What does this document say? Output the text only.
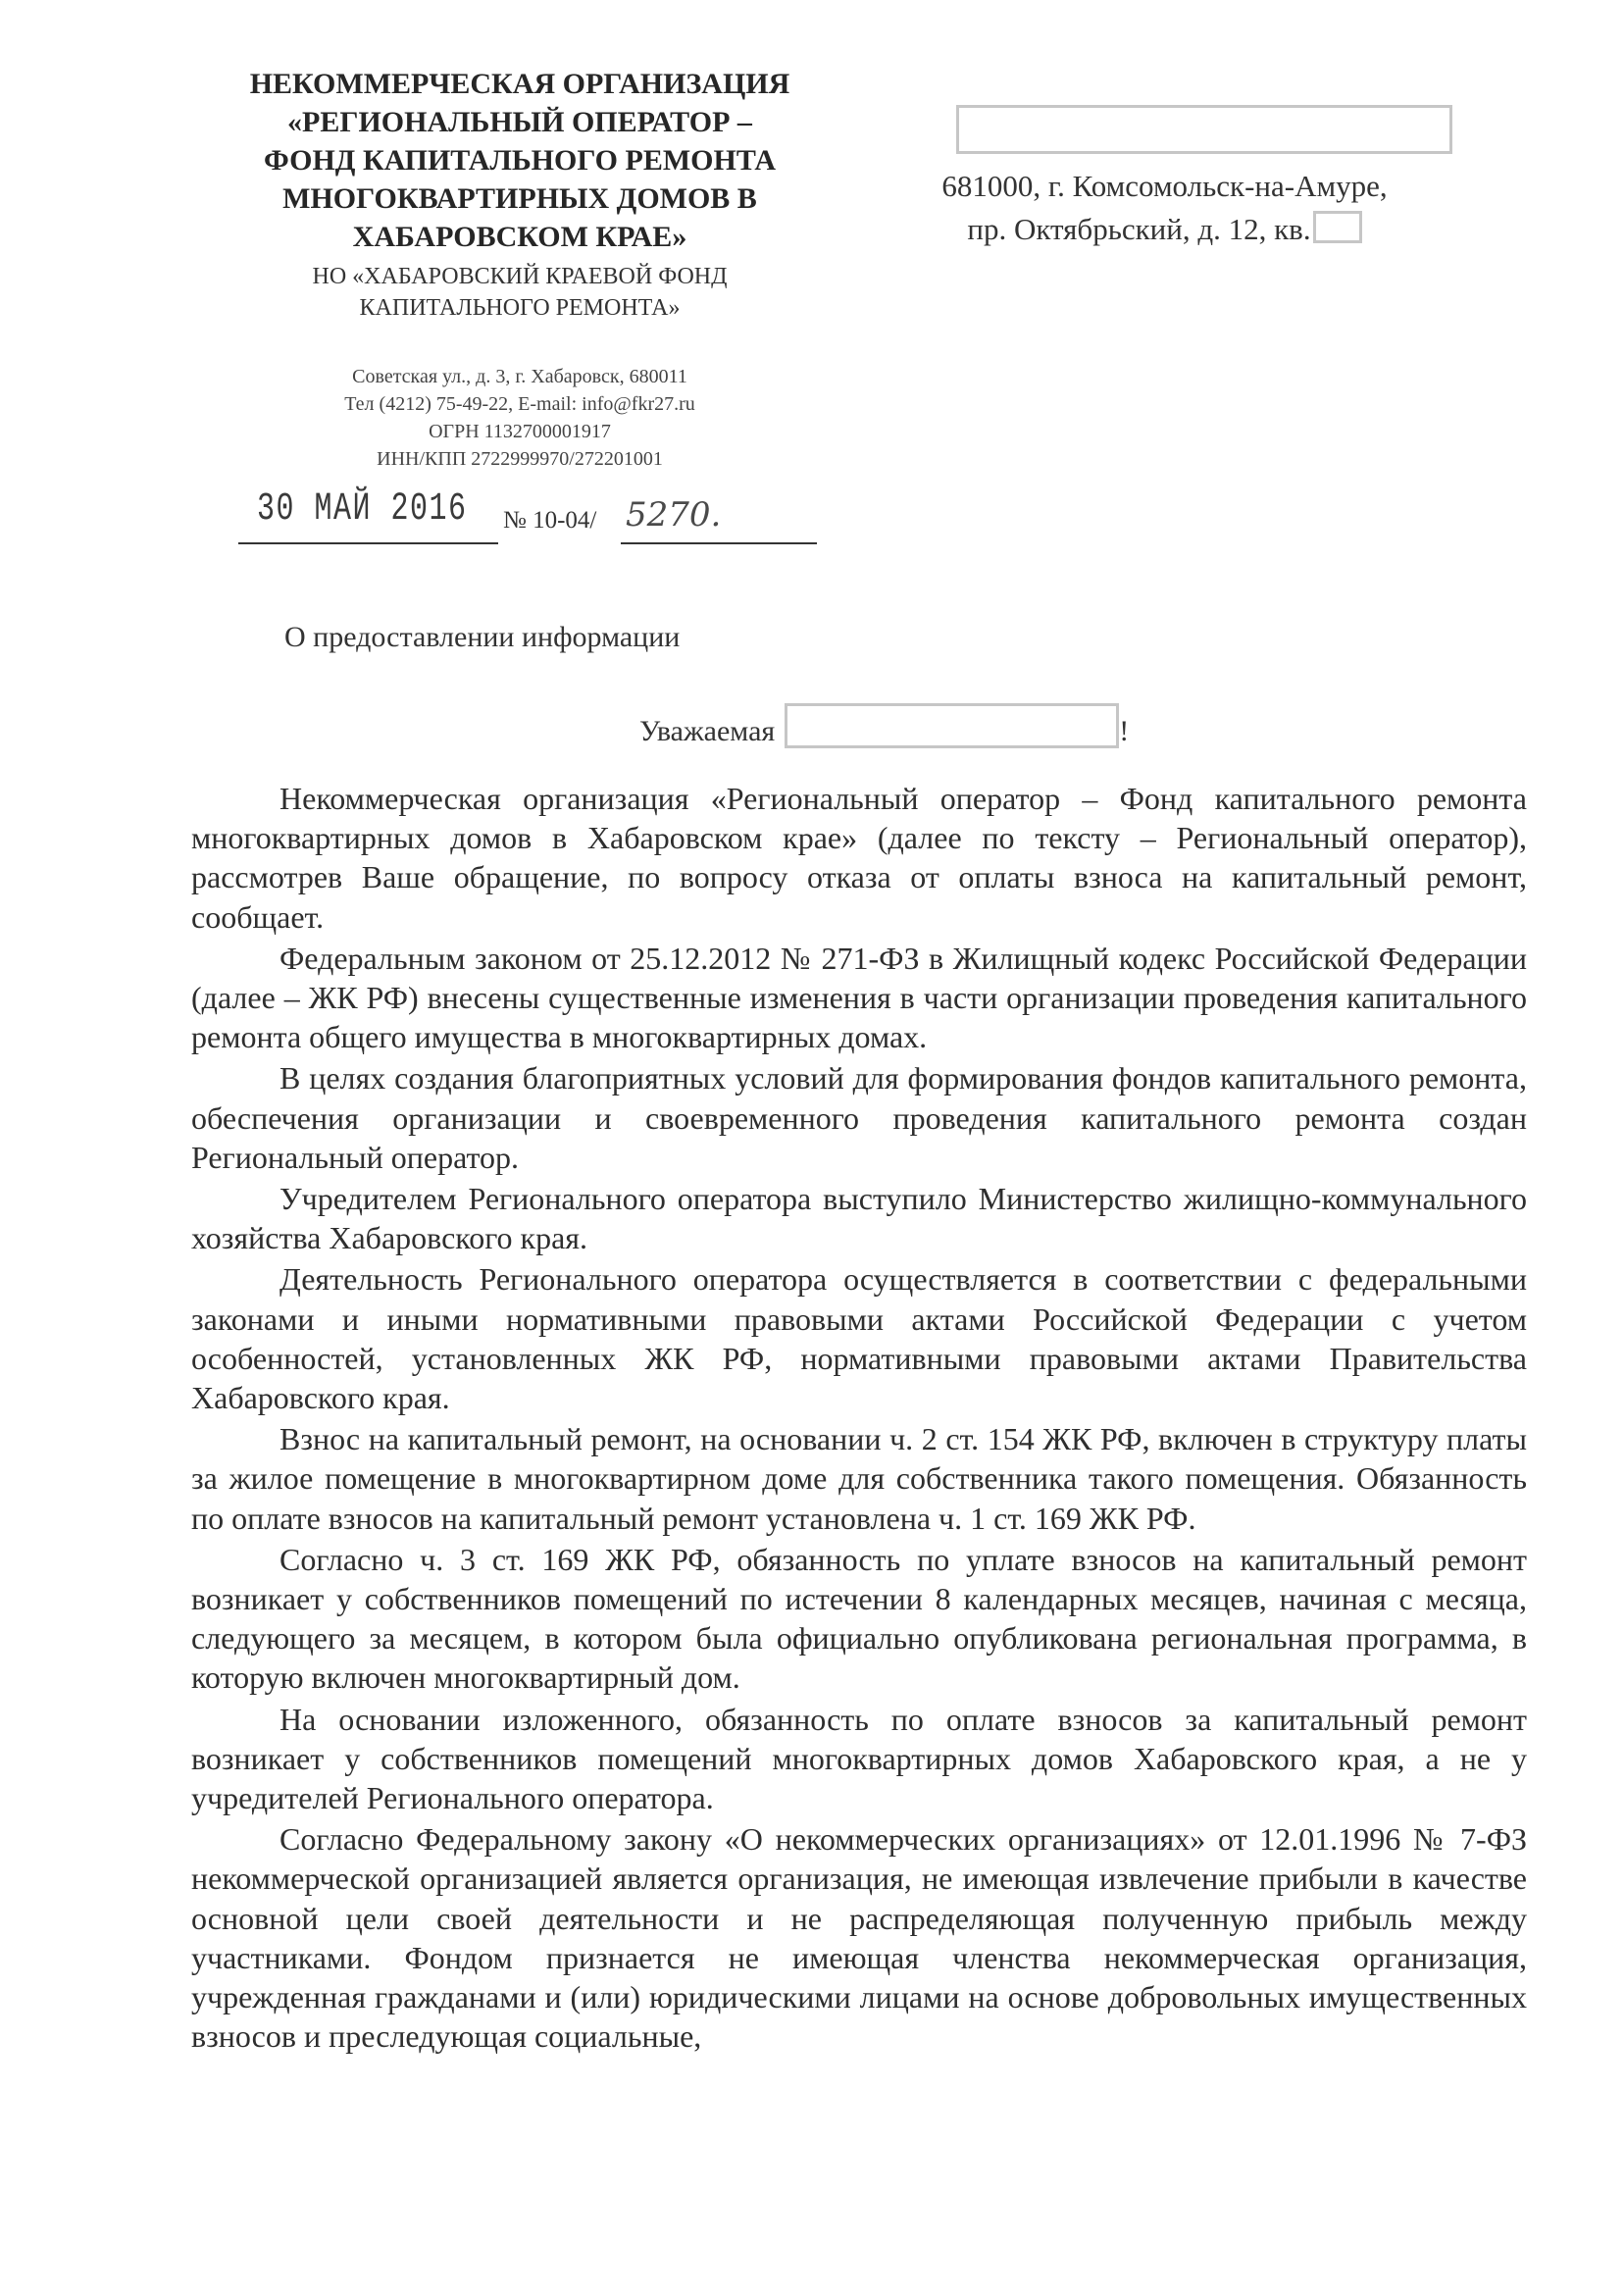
НЕКОММЕРЧЕСКАЯ ОРГАНИЗАЦИЯ
«РЕГИОНАЛЬНЫЙ ОПЕРАТОР –
ФОНД КАПИТАЛЬНОГО РЕМОНТА
МНОГОКВАРТИРНЫХ ДОМОВ В
ХАБАРОВСКОМ КРАЕ»
НО «ХАБАРОВСКИЙ КРАЕВОЙ ФОНД
КАПИТАЛЬНОГО РЕМОНТА»
Советская ул., д. 3, г. Хабаровск, 680011
Тел (4212) 75-49-22, E-mail: info@fkr27.ru
ОГРН 1132700001917
ИНН/КПП 2722999970/272201001
30 МАЙ 2016 № 10-04/ 5270.
681000, г. Комсомольск-на-Амуре,
пр. Октябрьский, д. 12, кв.
О предоставлении информации
Уважаемая	!

Некоммерческая организация «Региональный оператор – Фонд капитального ремонта многоквартирных домов в Хабаровском крае» (далее по тексту – Региональный оператор), рассмотрев Ваше обращение, по вопросу отказа от оплаты взноса на капитальный ремонт, сообщает.

Федеральным законом от 25.12.2012 № 271-ФЗ в Жилищный кодекс Российской Федерации (далее – ЖК РФ) внесены существенные изменения в части организации проведения капитального ремонта общего имущества в многоквартирных домах.

В целях создания благоприятных условий для формирования фондов капитального ремонта, обеспечения организации и своевременного проведения капитального ремонта создан Региональный оператор.

Учредителем Регионального оператора выступило Министерство жилищно-коммунального хозяйства Хабаровского края.

Деятельность Регионального оператора осуществляется в соответствии с федеральными законами и иными нормативными правовыми актами Российской Федерации с учетом особенностей, установленных ЖК РФ, нормативными правовыми актами Правительства Хабаровского края.

Взнос на капитальный ремонт, на основании ч. 2 ст. 154 ЖК РФ, включен в структуру платы за жилое помещение в многоквартирном доме для собственника такого помещения. Обязанность по оплате взносов на капитальный ремонт установлена ч. 1 ст. 169 ЖК РФ.

Согласно ч. 3 ст. 169 ЖК РФ, обязанность по уплате взносов на капитальный ремонт возникает у собственников помещений по истечении 8 календарных месяцев, начиная с месяца, следующего за месяцем, в котором была официально опубликована региональная программа, в которую включен многоквартирный дом.

На основании изложенного, обязанность по оплате взносов за капитальный ремонт возникает у собственников помещений многоквартирных домов Хабаровского края, а не у учредителей Регионального оператора.

Согласно Федеральному закону «О некоммерческих организациях» от 12.01.1996 № 7-ФЗ некоммерческой организацией является организация, не имеющая извлечение прибыли в качестве основной цели своей деятельности и не распределяющая полученную прибыль между участниками. Фондом признается не имеющая членства некоммерческая организация, учрежденная гражданами и (или) юридическими лицами на основе добровольных имущественных взносов и преследующая социальные,
